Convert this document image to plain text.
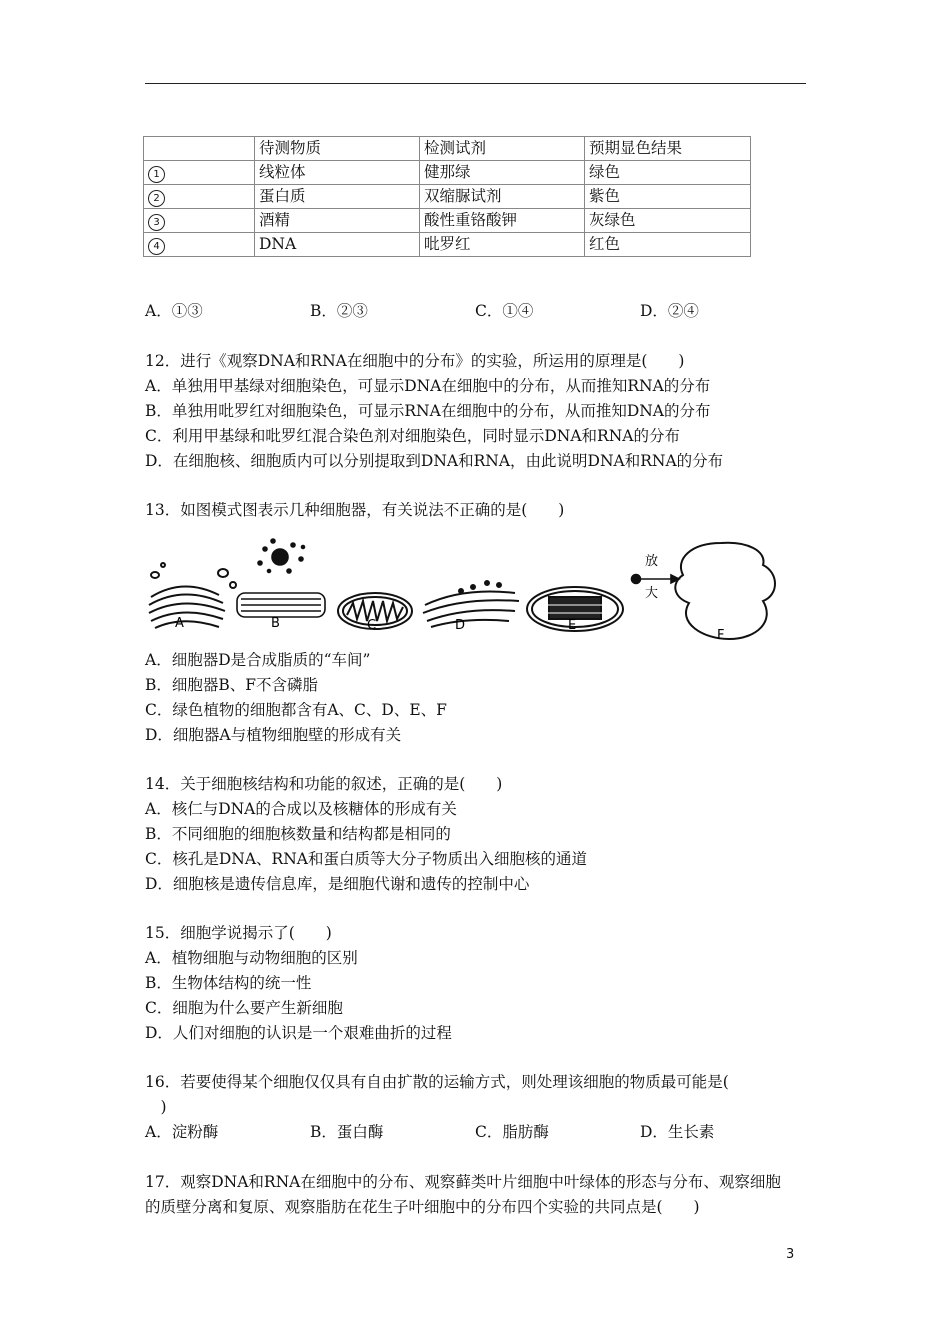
	待测物质	检测试剂	预期显色结果
1	线粒体	健那绿	绿色
2	蛋白质	双缩脲试剂	紫色
3	酒精	酸性重铬酸钾	灰绿色
4	DNA	吡罗红	红色
A．①③	B．②③	C．①④	D．②④
12．进行《观察DNA和RNA在细胞中的分布》的实验，所运用的原理是(　　)
A．单独用甲基绿对细胞染色，可显示DNA在细胞中的分布，从而推知RNA的分布
B．单独用吡罗红对细胞染色，可显示RNA在细胞中的分布，从而推知DNA的分布
C．利用甲基绿和吡罗红混合染色剂对细胞染色，同时显示DNA和RNA的分布
D．在细胞核、细胞质内可以分别提取到DNA和RNA，由此说明DNA和RNA的分布
13．如图模式图表示几种细胞器，有关说法不正确的是(　　)
放
大
A	B	C	D	E
F
A．细胞器D是合成脂质的“车间”
B．细胞器B、F不含磷脂
C．绿色植物的细胞都含有A、C、D、E、F
D．细胞器A与植物细胞壁的形成有关
14．关于细胞核结构和功能的叙述，正确的是(　　)
A．核仁与DNA的合成以及核糖体的形成有关
B．不同细胞的细胞核数量和结构都是相同的
C．核孔是DNA、RNA和蛋白质等大分子物质出入细胞核的通道
D．细胞核是遗传信息库，是细胞代谢和遗传的控制中心
15．细胞学说揭示了(　　)
A．植物细胞与动物细胞的区别
B．生物体结构的统一性
C．细胞为什么要产生新细胞
D．人们对细胞的认识是一个艰难曲折的过程
16．若要使得某个细胞仅仅具有自由扩散的运输方式，则处理该细胞的物质最可能是(
　)
A．淀粉酶	B．蛋白酶	C．脂肪酶	D．生长素
17．观察DNA和RNA在细胞中的分布、观察藓类叶片细胞中叶绿体的形态与分布、观察细胞
的质壁分离和复原、观察脂肪在花生子叶细胞中的分布四个实验的共同点是(　　)
3
